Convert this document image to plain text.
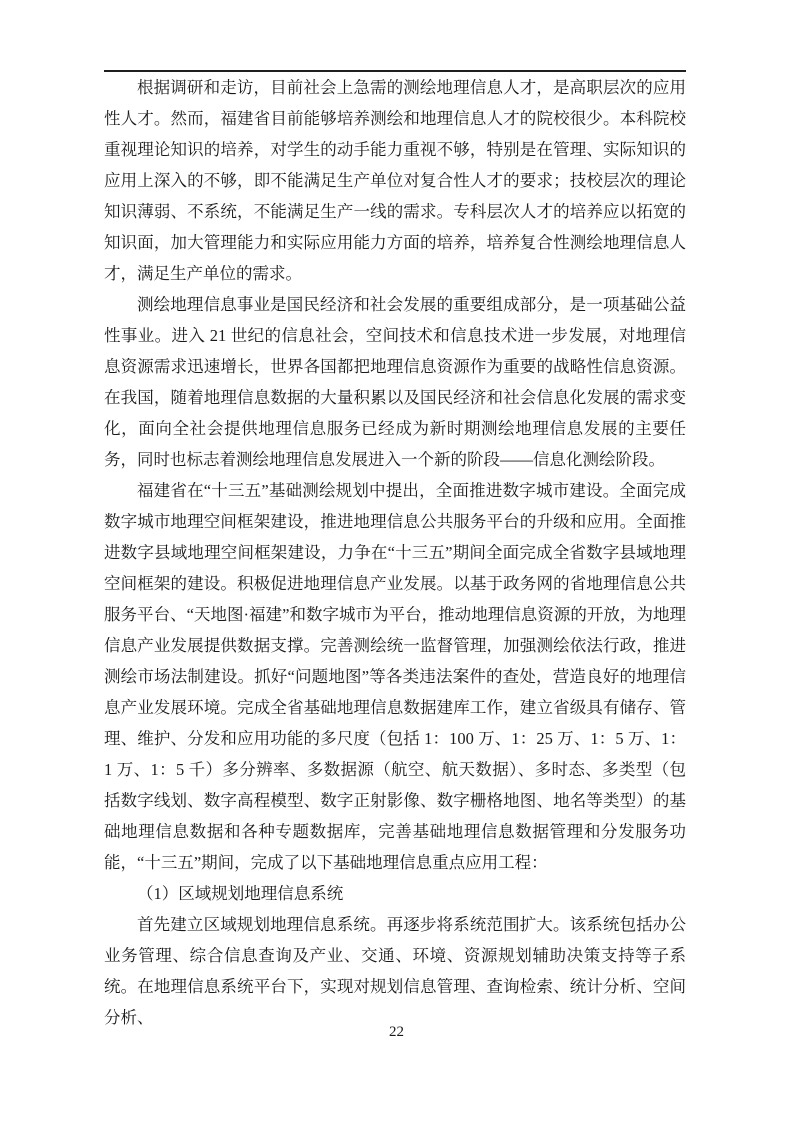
根据调研和走访，目前社会上急需的测绘地理信息人才，是高职层次的应用性人才。然而，福建省目前能够培养测绘和地理信息人才的院校很少。本科院校重视理论知识的培养，对学生的动手能力重视不够，特别是在管理、实际知识的应用上深入的不够，即不能满足生产单位对复合性人才的要求；技校层次的理论知识薄弱、不系统，不能满足生产一线的需求。专科层次人才的培养应以拓宽的知识面，加大管理能力和实际应用能力方面的培养，培养复合性测绘地理信息人才，满足生产单位的需求。

测绘地理信息事业是国民经济和社会发展的重要组成部分，是一项基础公益性事业。进入 21 世纪的信息社会，空间技术和信息技术进一步发展，对地理信息资源需求迅速增长，世界各国都把地理信息资源作为重要的战略性信息资源。在我国，随着地理信息数据的大量积累以及国民经济和社会信息化发展的需求变化，面向全社会提供地理信息服务已经成为新时期测绘地理信息发展的主要任务，同时也标志着测绘地理信息发展进入一个新的阶段——信息化测绘阶段。

福建省在“十三五”基础测绘规划中提出，全面推进数字城市建设。全面完成数字城市地理空间框架建设，推进地理信息公共服务平台的升级和应用。全面推进数字县域地理空间框架建设，力争在“十三五”期间全面完成全省数字县域地理空间框架的建设。积极促进地理信息产业发展。以基于政务网的省地理信息公共服务平台、“天地图·福建”和数字城市为平台，推动地理信息资源的开放，为地理信息产业发展提供数据支撑。完善测绘统一监督管理，加强测绘依法行政，推进测绘市场法制建设。抓好“问题地图”等各类违法案件的查处，营造良好的地理信息产业发展环境。完成全省基础地理信息数据建库工作，建立省级具有储存、管理、维护、分发和应用功能的多尺度（包括 1：100 万、1：25 万、1：5 万、1：1 万、1：5 千）多分辨率、多数据源（航空、航天数据）、多时态、多类型（包括数字线划、数字高程模型、数字正射影像、数字栅格地图、地名等类型）的基础地理信息数据和各种专题数据库，完善基础地理信息数据管理和分发服务功能，“十三五”期间，完成了以下基础地理信息重点应用工程：

（1）区域规划地理信息系统

首先建立区域规划地理信息系统。再逐步将系统范围扩大。该系统包括办公业务管理、综合信息查询及产业、交通、环境、资源规划辅助决策支持等子系统。在地理信息系统平台下，实现对规划信息管理、查询检索、统计分析、空间分析、

22
